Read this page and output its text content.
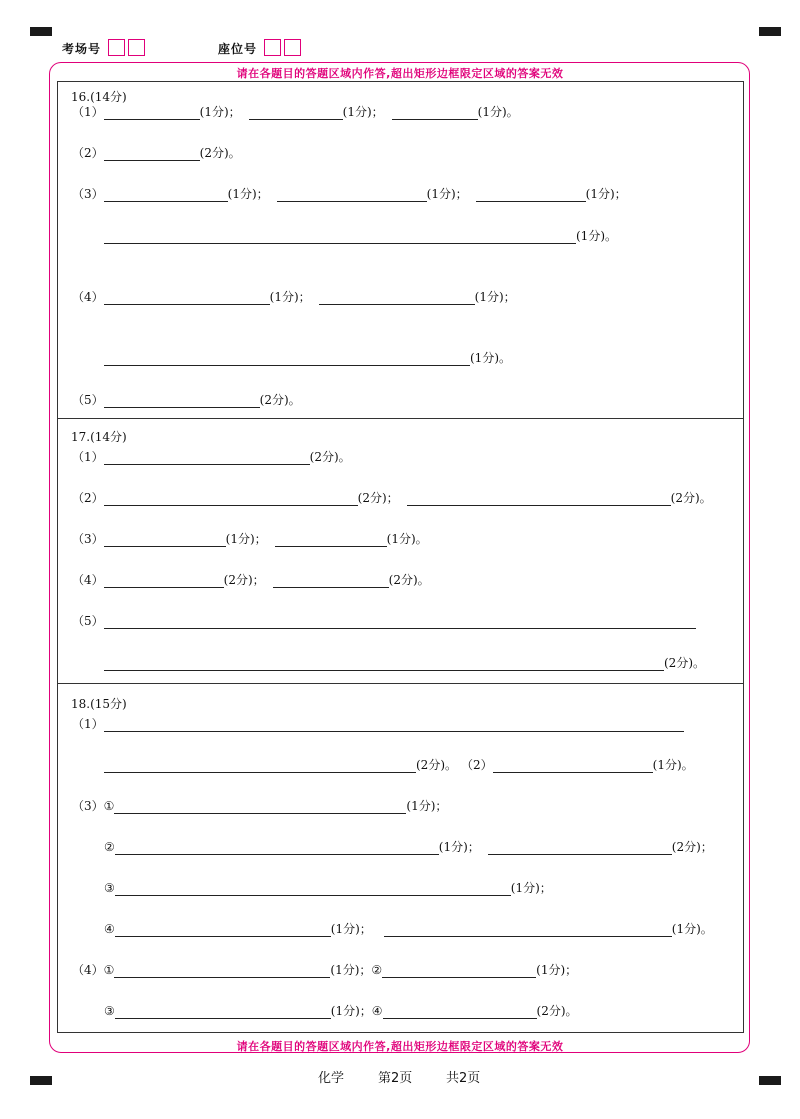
考场号	座位号
请在各题目的答题区域内作答,超出矩形边框限定区域的答案无效
请在各题目的答题区域内作答,超出矩形边框限定区域的答案无效
16.(14分)
（1）	(1分)；	(1分)；	(1分)。
（2）	(2分)。
（3）	(1分)；	(1分)；	(1分)；
(1分)。
（4）	(1分)；	(1分)；
(1分)。
（5）	(2分)。
17.(14分)
（1）	(2分)。
（2）	(2分)；	(2分)。
（3）	(1分)；	(1分)。
（4）	(2分)；	(2分)。
（5）
(2分)。
18.(15分)
（1）
(2分)。 （2）	(1分)。
（3）①	(1分)；
②	(1分)；	(2分)；
③	(1分)；
④	(1分)；	(1分)。
（4）①	(1分)；②	(1分)；
③	(1分)；④	(2分)。
化学	第2页	共2页
